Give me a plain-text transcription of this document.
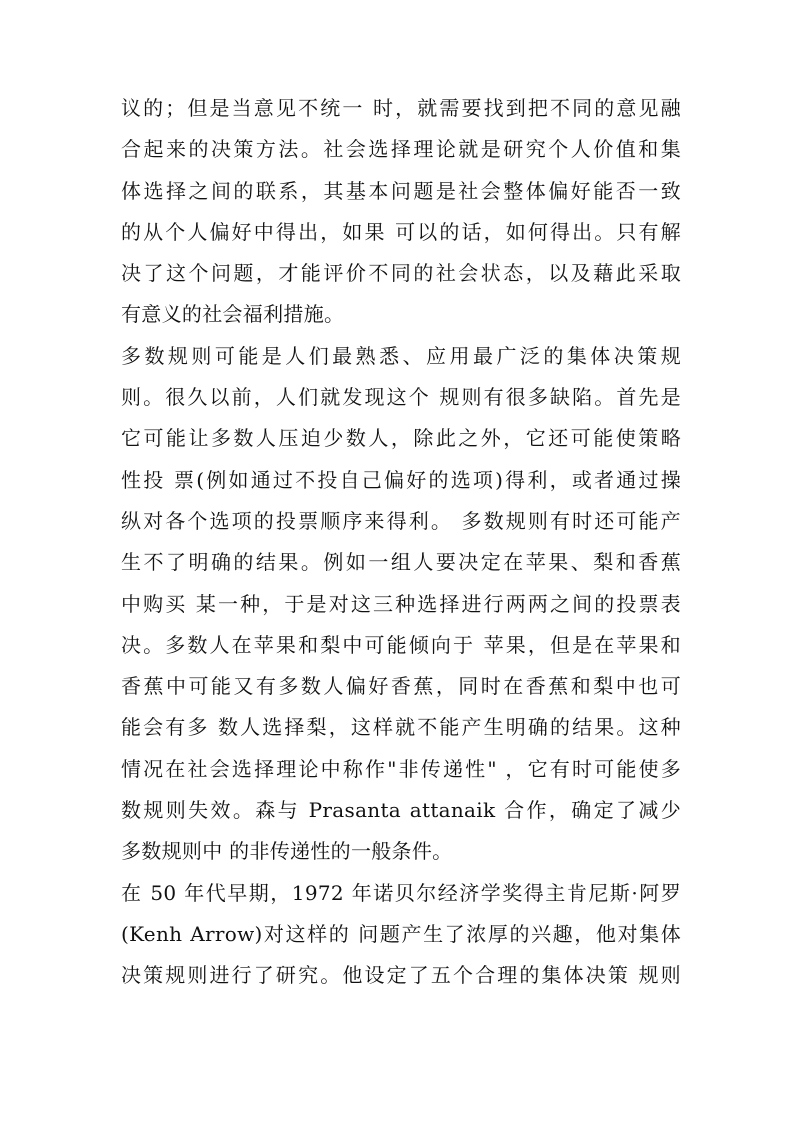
议的；但是当意见不统一 时，就需要找到把不同的意见融
合起来的决策方法。社会选择理论就是研究个人价值和集
体选择之间的联系，其基本问题是社会整体偏好能否一致
的从个人偏好中得出，如果 可以的话，如何得出。只有解
决了这个问题，才能评价不同的社会状态，以及藉此采取
有意义的社会福利措施。
多数规则可能是人们最熟悉、应用最广泛的集体决策规
则。很久以前，人们就发现这个 规则有很多缺陷。首先是
它可能让多数人压迫少数人，除此之外，它还可能使策略
性投 票(例如通过不投自己偏好的选项)得利，或者通过操
纵对各个选项的投票顺序来得利。 多数规则有时还可能产
生不了明确的结果。例如一组人要决定在苹果、梨和香蕉
中购买 某一种，于是对这三种选择进行两两之间的投票表
决。多数人在苹果和梨中可能倾向于 苹果，但是在苹果和
香蕉中可能又有多数人偏好香蕉，同时在香蕉和梨中也可
能会有多 数人选择梨，这样就不能产生明确的结果。这种
情况在社会选择理论中称作"非传递性" ，它有时可能使多
数规则失效。森与 Prasanta attanaik 合作，确定了减少
多数规则中 的非传递性的一般条件。
在 50 年代早期，1972 年诺贝尔经济学奖得主肯尼斯·阿罗
(Kenh Arrow)对这样的 问题产生了浓厚的兴趣，他对集体
决策规则进行了研究。他设定了五个合理的集体决策 规则
